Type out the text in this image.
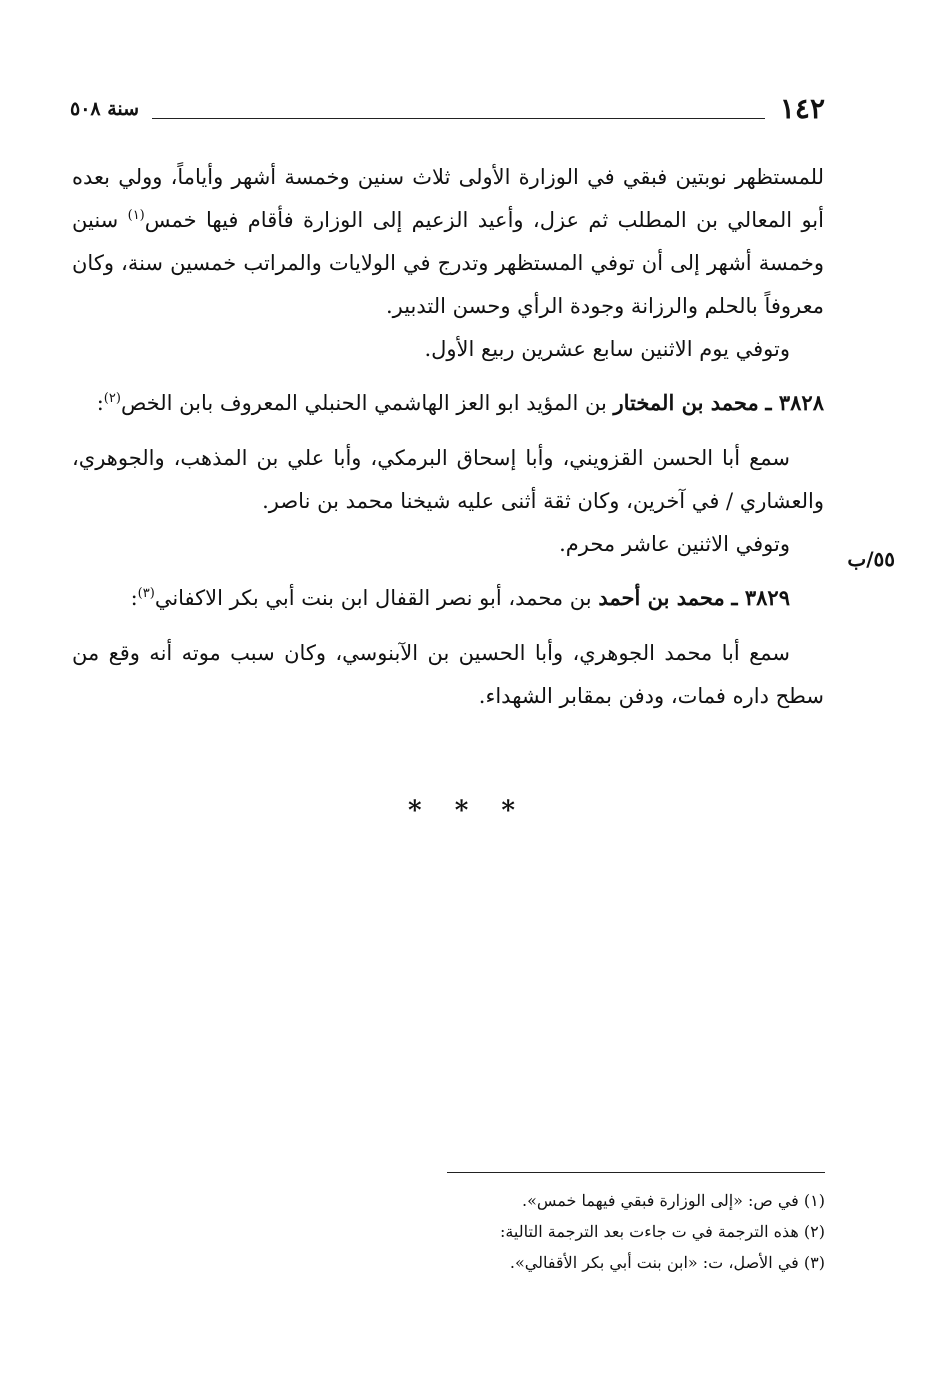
١٤٢
سنة ٥٠٨
٥٥/ب

للمستظهر نوبتين فبقي في الوزارة الأولى ثلاث سنين وخمسة أشهر وأياماً، وولي بعده أبو المعالي بن المطلب ثم عزل، وأعيد الزعيم إلى الوزارة فأقام فيها خمس$^{(١)}$ سنين وخمسة أشهر إلى أن توفي المستظهر وتدرج في الولايات والمراتب خمسين سنة، وكان معروفاً بالحلم والرزانة وجودة الرأي وحسن التدبير.

وتوفي يوم الاثنين سابع عشرين ربيع الأول.

٣٨٢٨ ـ محمد بن المختار بن المؤيد ابو العز الهاشمي الحنبلي المعروف بابن الخص$^{(٢)}$:

سمع أبا الحسن القزويني، وأبا إسحاق البرمكي، وأبا علي بن المذهب، والجوهري، والعشاري / في آخرين، وكان ثقة أثنى عليه شيخنا محمد بن ناصر.

وتوفي الاثنين عاشر محرم.

٣٨٢٩ ـ محمد بن أحمد بن محمد، أبو نصر القفال ابن بنت أبي بكر الاكفاني$^{(٣)}$:

سمع أبا محمد الجوهري، وأبا الحسين بن الآبنوسي، وكان سبب موته أنه وقع من سطح داره فمات، ودفن بمقابر الشهداء.

* * *

(١) في ص: «إلى الوزارة فبقي فيهما خمس».

(٢) هذه الترجمة في ت جاءت بعد الترجمة التالية:

(٣) في الأصل، ت: «ابن بنت أبي بكر الأقفالي».
